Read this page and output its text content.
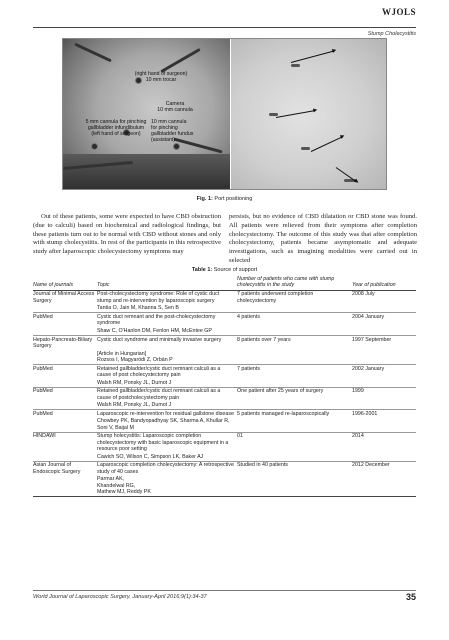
WJOLS
Stump Cholecystitis
(right hand of surgeon)
10 mm trocar
Camera
10 mm cannula
5 mm cannula for pinching
gallbladder infundibulum
(left hand of surgeon)
10 mm cannula
for pinching
gallbladder fundus
(assistant)
Fig. 1: Port positioning

Out of these patients, some were expected to have CBD obstruction (due to calculi) based on biochemical and radiological findings, but these patients turn out to be normal with CBD without stones and only with stump cholecystitis. In rest of the participants in this retrospective study after laparoscopic cholecystectomy symptoms may

persists, but no evidence of CBD dilatation or CBD stone was found. All patients were relieved from their symptoms after completion cholecystectomy. The outcome of this study was that after completion cholecystectomy, patients became asymptomatic and adequate investigations, such as imagining modalities were carried out in selected

Table 1: Source of support
Name of journals	Topic	Number of patients who came with stump cholecystitis in the study	Year of publication
Journal of Minimal Access Surgery	Post-cholecystectomy syndrome: Role of cystic duct stump and re-intervention by laparoscopic surgery	7 patients underwent completion cholecystectomy	2008 July
	Tantia O, Jain M, Khanna S, Sen B		
PubMed	Cystic duct remnant and the post-cholecystectomy syndrome	4 patients	2004 January
	Shaw C, O'Hanlon DM, Fenlon HM, McEntee GP		
Hepato-Pancreato-Biliary Surgery	Cystic duct syndrome and minimally invasive surgery	8 patients over 7 years	1997 September
	[Article in Hungarian]
Rozsos I, Magyaródi Z, Orbán P		
PubMed	Retained gallbladder/cystic duct remnant calculi as a cause of post cholecystectomy pain	7 patients	2002 January
	Walsh RM, Ponsky JL, Dumot J		
PubMed	Retained gallbladder/cystic duct remnant calculi as a cause of postcholecystectomy pain	One patient after 25 years of surgery	1999
	Walsh RM, Ponsky JL, Dumot J		
PubMed	Laparoscopic re-intervention for residual gallstone disease	5 patients managed re-laparoscopically	1996-2001
	Chowbey PK, Bandyopadhyay SK, Sharma A, Khullar R, Soni V, Baijal M		
HINDAWI	Stump holecystitis: Laparoscopic completion cholecystectomy with basic laparoscopic equipment in a resource poor setting	01	2014
	Cawich SO, Wilson C, Simpson LK, Baker AJ		
Asian Journal of Endoscopic Surgery	Laparoscopic completion cholecystectomy: A retrospective study of 40 cases	Studied in 40 patients	2012 December
	Parmar AK,
Khandelwal RG,
Mathew MJ, Reddy PK		
World Journal of Laparoscopic Surgery, January-April 2016;9(1):34-37	35
